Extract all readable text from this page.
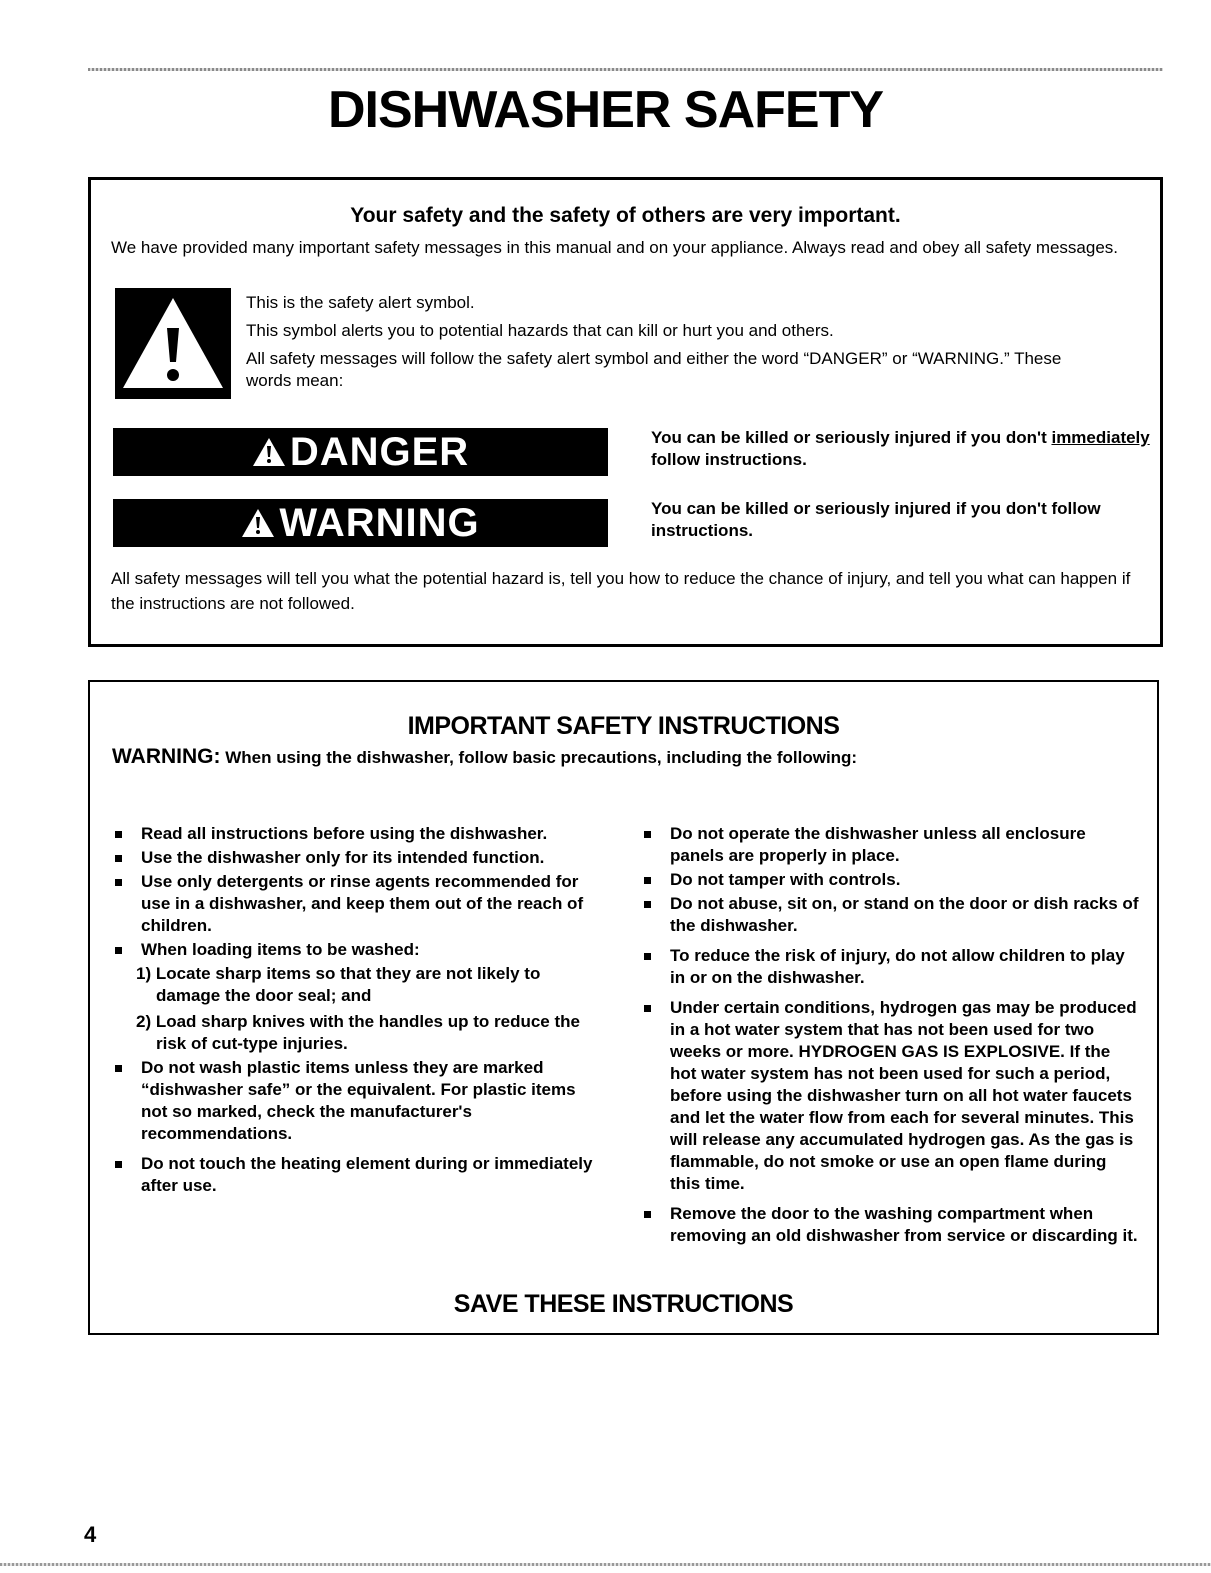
DISHWASHER SAFETY
Your safety and the safety of others are very important.

We have provided many important safety messages in this manual and on your appliance. Always read and obey all safety messages.

This is the safety alert symbol.

This symbol alerts you to potential hazards that can kill or hurt you and others.

All safety messages will follow the safety alert symbol and either the word “DANGER” or “WARNING.” These words mean:

DANGER	You can be killed or seriously injured if you don't immediately follow instructions.
WARNING	You can be killed or seriously injured if you don't follow instructions.

All safety messages will tell you what the potential hazard is, tell you how to reduce the chance of injury, and tell you what can happen if the instructions are not followed.

IMPORTANT SAFETY INSTRUCTIONS
WARNING: When using the dishwasher, follow basic precautions, including the following:

Read all instructions before using the dishwasher.

Use the dishwasher only for its intended function.

Use only detergents or rinse agents recommended for use in a dishwasher, and keep them out of the reach of children.

When loading items to be washed:

1) Locate sharp items so that they are not likely to damage the door seal; and

2) Load sharp knives with the handles up to reduce the risk of cut-type injuries.

Do not wash plastic items unless they are marked “dishwasher safe” or the equivalent. For plastic items not so marked, check the manufacturer's recommendations.

Do not touch the heating element during or immediately after use.

Do not operate the dishwasher unless all enclosure panels are properly in place.

Do not tamper with controls.

Do not abuse, sit on, or stand on the door or dish racks of the dishwasher.

To reduce the risk of injury, do not allow children to play in or on the dishwasher.

Under certain conditions, hydrogen gas may be produced in a hot water system that has not been used for two weeks or more. HYDROGEN GAS IS EXPLOSIVE. If the hot water system has not been used for such a period, before using the dishwasher turn on all hot water faucets and let the water flow from each for several minutes. This will release any accumulated hydrogen gas. As the gas is flammable, do not smoke or use an open flame during this time.

Remove the door to the washing compartment when removing an old dishwasher from service or discarding it.

SAVE THESE INSTRUCTIONS
4
